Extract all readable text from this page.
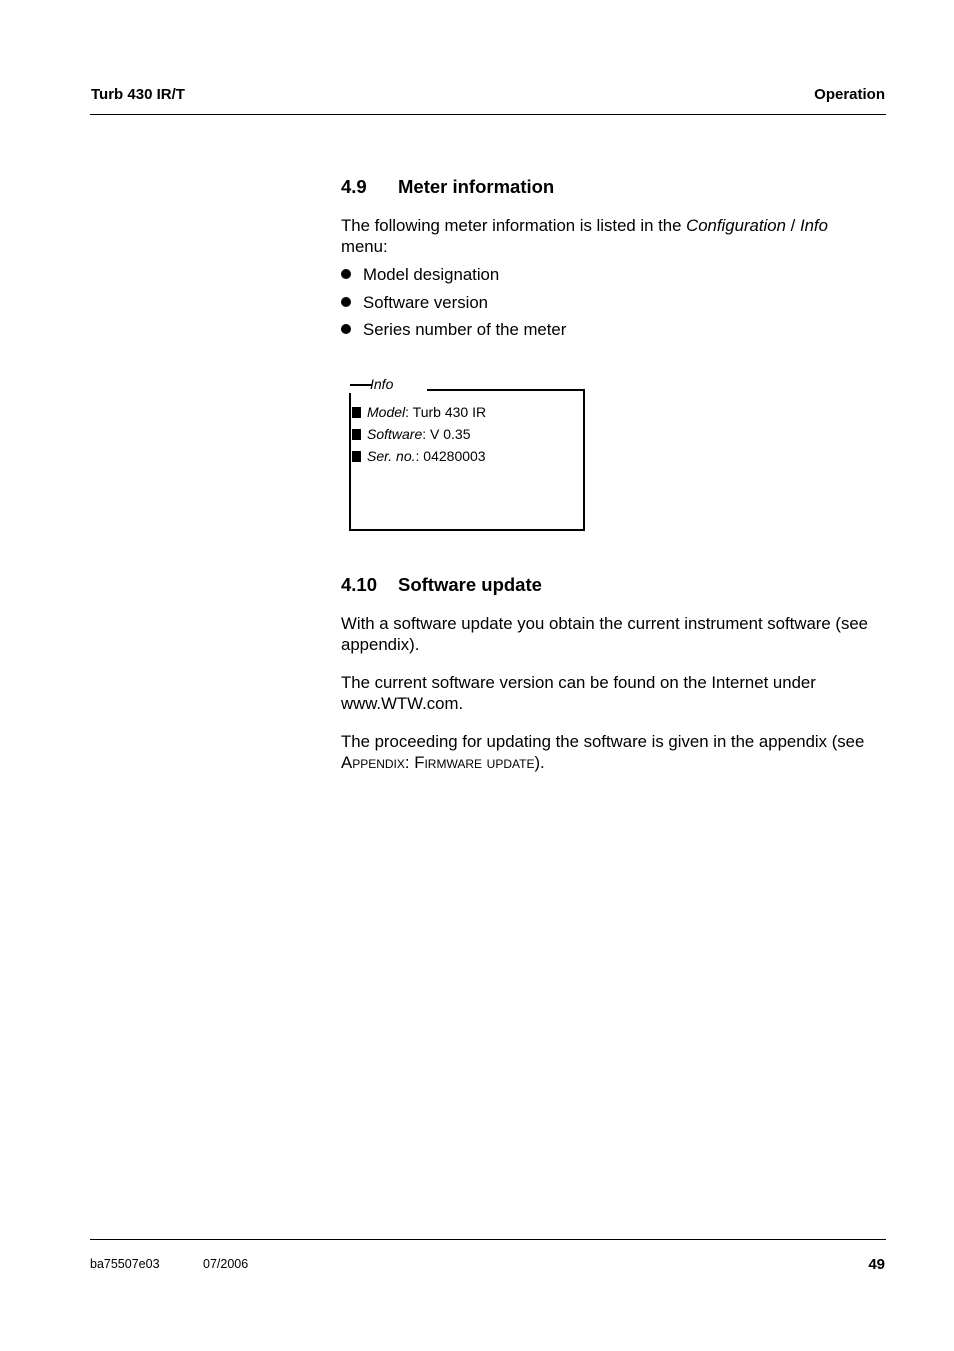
Turb 430 IR/T	Operation
4.9 Meter information
The following meter information is listed in the Configuration / Info
menu:
Model designation
Software version
Series number of the meter
Info
Model: Turb 430 IR
Software: V 0.35
Ser. no.: 04280003
4.10 Software update
With a software update you obtain the current instrument software (see appendix).
The current software version can be found on the Internet under www.WTW.com.
The proceeding for updating the software is given in the appendix (see Appendix: Firmware update).
ba75507e03	07/2006	49
